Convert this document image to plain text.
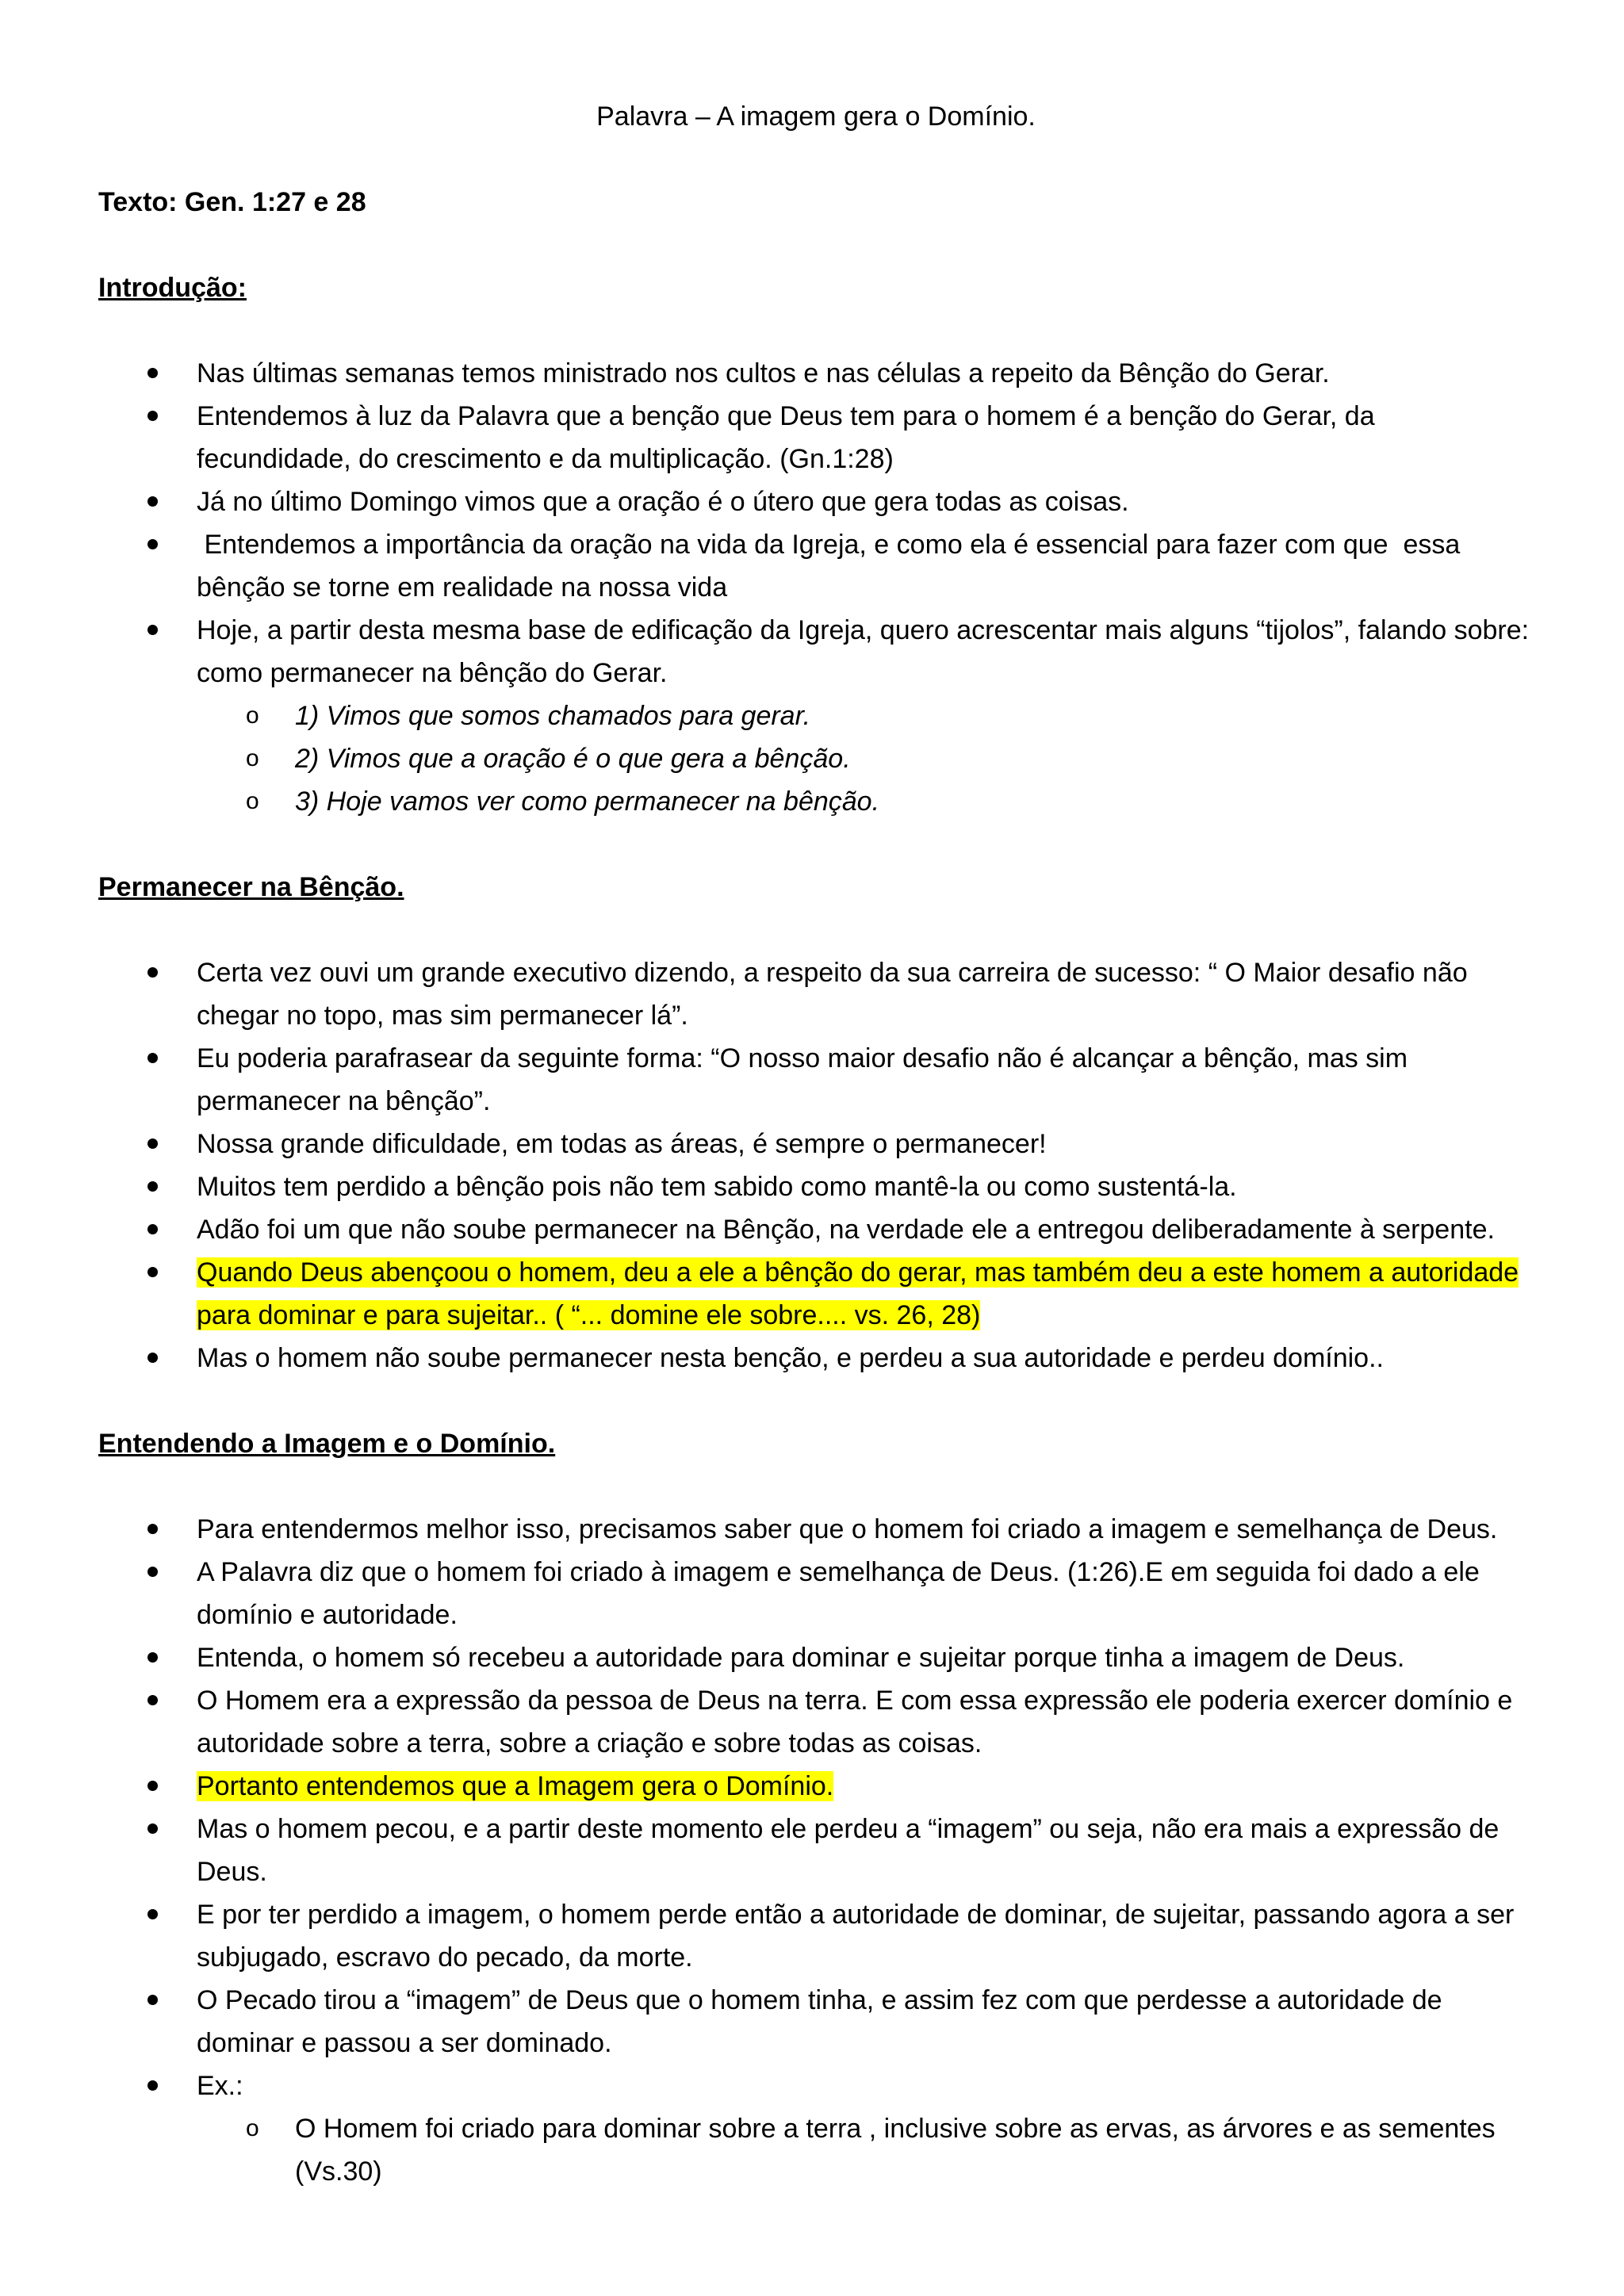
Palavra – A imagem gera o Domínio.
Texto: Gen. 1:27 e 28
Introdução:
Nas últimas semanas temos ministrado nos cultos e nas células a repeito da Bênção do Gerar.
Entendemos à luz da Palavra que a benção que Deus tem para o homem é a benção do Gerar, da fecundidade, do crescimento e da multiplicação. (Gn.1:28)
Já no último Domingo vimos que a oração é o útero que gera todas as coisas.
Entendemos a importância da oração na vida da Igreja, e como ela é essencial para fazer com que  essa bênção se torne em realidade na nossa vida
Hoje, a partir desta mesma base de edificação da Igreja, quero acrescentar mais alguns “tijolos”, falando sobre:  como permanecer na bênção do Gerar.
o 1) Vimos que somos chamados para gerar.
o 2) Vimos que a oração é o que gera a bênção.
o 3) Hoje vamos ver como permanecer na bênção.
Permanecer na Bênção.
Certa vez ouvi um grande executivo dizendo, a respeito da sua carreira de sucesso: “ O Maior desafio não chegar no topo, mas sim permanecer lá”.
Eu poderia parafrasear da seguinte forma: “O nosso maior desafio não é alcançar a bênção, mas sim permanecer na bênção”.
Nossa grande dificuldade, em todas as áreas, é sempre o permanecer!
Muitos tem perdido a bênção pois não tem sabido como mantê-la ou como sustentá-la.
Adão foi um que não soube permanecer na Bênção, na verdade ele a entregou deliberadamente à serpente.
Quando Deus abençoou o homem, deu a ele a bênção do gerar, mas também deu a este homem a autoridade para dominar e para sujeitar.. ( “... domine ele sobre.... vs. 26, 28)
Mas o homem não soube permanecer nesta benção, e perdeu a sua autoridade e perdeu domínio..
Entendendo a Imagem e o Domínio.
Para entendermos melhor isso, precisamos saber que o homem foi criado a imagem e semelhança de Deus.
A Palavra diz que o homem foi criado à imagem e semelhança de Deus. (1:26).E em seguida foi dado a ele domínio e autoridade.
Entenda, o homem só recebeu a autoridade para dominar e sujeitar porque tinha a imagem de Deus.
O Homem era a expressão da pessoa de Deus na terra. E com essa expressão ele poderia exercer domínio e autoridade sobre a terra, sobre a criação e sobre todas as coisas.
Portanto entendemos que a Imagem gera o Domínio.
Mas o homem pecou, e a partir deste momento ele perdeu a “imagem” ou seja, não era mais a expressão de Deus.
E por ter perdido a imagem, o homem perde então a autoridade de dominar, de sujeitar, passando agora a ser subjugado, escravo do pecado, da morte.
O Pecado tirou a “imagem” de Deus que o homem tinha, e assim fez com que perdesse a autoridade de dominar e passou a ser dominado.
Ex.:
o O Homem foi criado para dominar sobre a terra , inclusive sobre as ervas, as árvores e as sementes (Vs.30)
